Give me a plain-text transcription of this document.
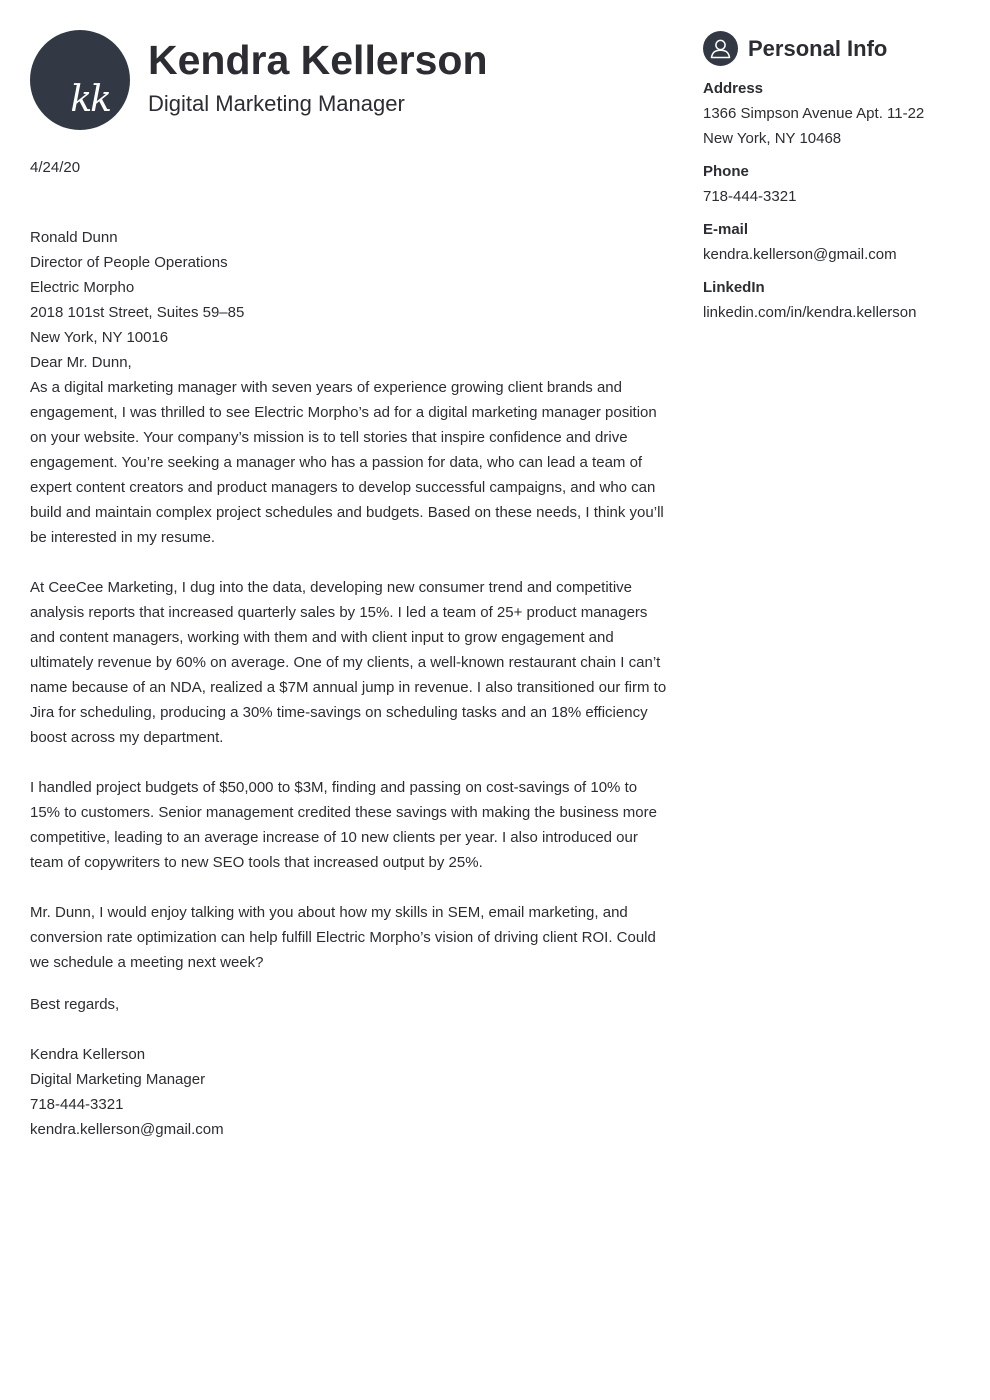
kk
Kendra Kellerson
Digital Marketing Manager

4/24/20

Ronald Dunn

Director of People Operations

Electric Morpho

2018 101st Street, Suites 59–85

New York, NY 10016

Dear Mr. Dunn,

As a digital marketing manager with seven years of experience growing client brands and engagement, I was thrilled to see Electric Morpho’s ad for a digital marketing manager position on your website. Your company’s mission is to tell stories that inspire confidence and drive engagement. You’re seeking a manager who has a passion for data, who can lead a team of expert content creators and product managers to develop successful campaigns, and who can build and maintain complex project schedules and budgets. Based on these needs, I think you’ll be interested in my resume.

At CeeCee Marketing, I dug into the data, developing new consumer trend and competitive analysis reports that increased quarterly sales by 15%. I led a team of 25+ product managers and content managers, working with them and with client input to grow engagement and ultimately revenue by 60% on average. One of my clients, a well-known restaurant chain I can’t name because of an NDA, realized a $7M annual jump in revenue. I also transitioned our firm to Jira for scheduling, producing a 30% time-savings on scheduling tasks and an 18% efficiency boost across my department.

I handled project budgets of $50,000 to $3M, finding and passing on cost-savings of 10% to 15% to customers. Senior management credited these savings with making the business more competitive, leading to an average increase of 10 new clients per year. I also introduced our team of copywriters to new SEO tools that increased output by 25%.

Mr. Dunn, I would enjoy talking with you about how my skills in SEM, email marketing, and conversion rate optimization can help fulfill Electric Morpho’s vision of driving client ROI. Could we schedule a meeting next week?

Best regards,

Kendra Kellerson

Digital Marketing Manager

718-444-3321

kendra.kellerson@gmail.com

Personal Info
Address
1366 Simpson Avenue Apt. 11-22
New York, NY 10468
Phone
718-444-3321
E-mail
kendra.kellerson@gmail.com
LinkedIn
linkedin.com/in/kendra.kellerson
